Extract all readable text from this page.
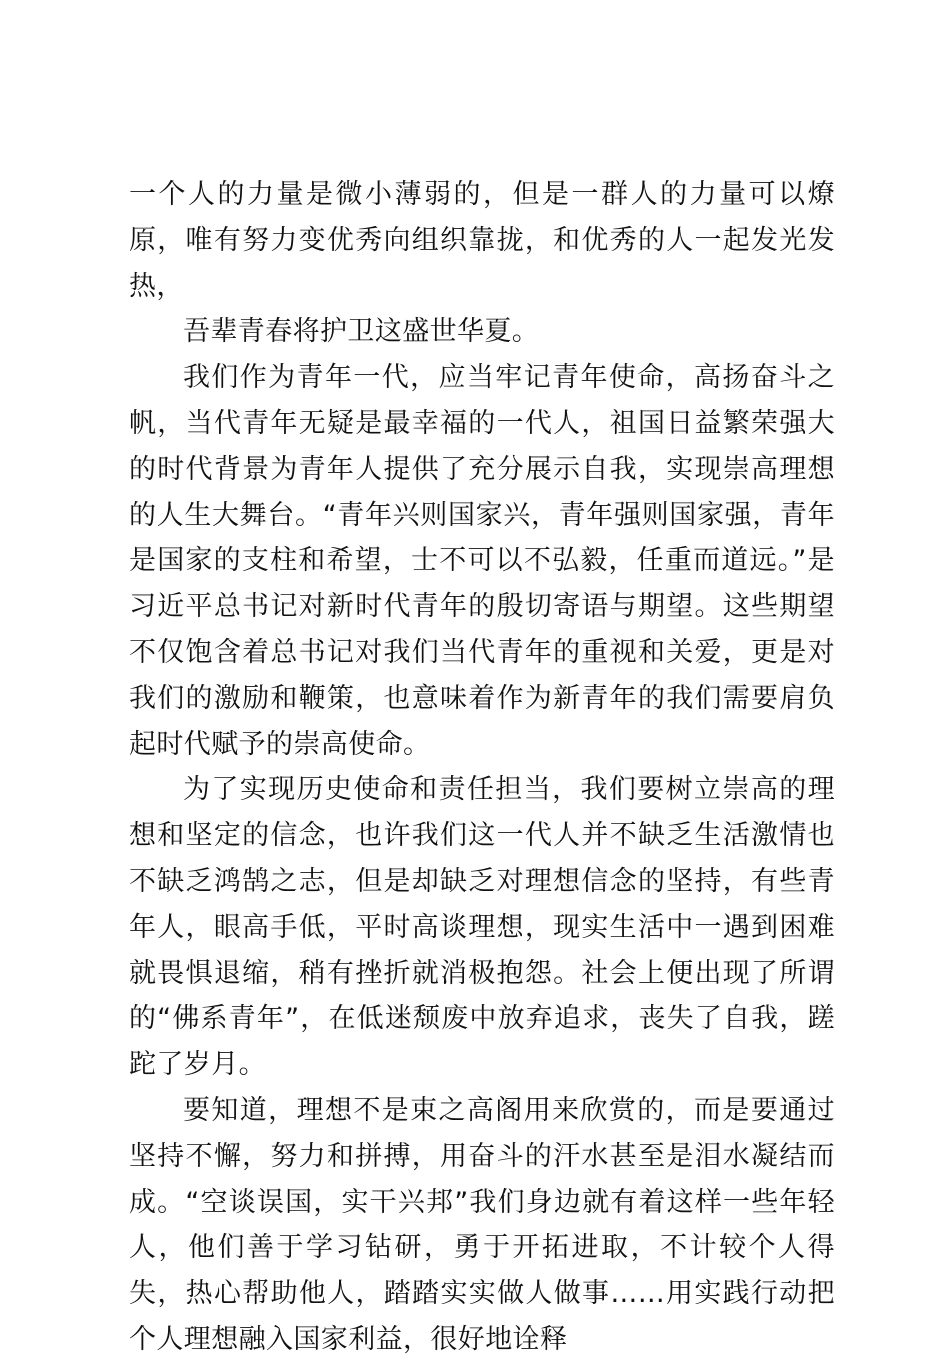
一个人的力量是微小薄弱的，但是一群人的力量可以燎原，唯有努力变优秀向组织靠拢，和优秀的人一起发光发热，

吾辈青春将护卫这盛世华夏。

我们作为青年一代，应当牢记青年使命，高扬奋斗之帆，当代青年无疑是最幸福的一代人，祖国日益繁荣强大的时代背景为青年人提供了充分展示自我，实现崇高理想的人生大舞台。“青年兴则国家兴，青年强则国家强，青年是国家的支柱和希望，士不可以不弘毅，任重而道远。”是习近平总书记对新时代青年的殷切寄语与期望。这些期望不仅饱含着总书记对我们当代青年的重视和关爱，更是对我们的激励和鞭策，也意味着作为新青年的我们需要肩负起时代赋予的崇高使命。

为了实现历史使命和责任担当，我们要树立崇高的理想和坚定的信念，也许我们这一代人并不缺乏生活激情也不缺乏鸿鹄之志，但是却缺乏对理想信念的坚持，有些青年人，眼高手低，平时高谈理想，现实生活中一遇到困难就畏惧退缩，稍有挫折就消极抱怨。社会上便出现了所谓的“佛系青年”，在低迷颓废中放弃追求，丧失了自我，蹉跎了岁月。

要知道，理想不是束之高阁用来欣赏的，而是要通过坚持不懈，努力和拼搏，用奋斗的汗水甚至是泪水凝结而成。“空谈误国，实干兴邦”我们身边就有着这样一些年轻人，他们善于学习钻研，勇于开拓进取，不计较个人得失，热心帮助他人，踏踏实实做人做事……用实践行动把个人理想融入国家利益，很好地诠释
